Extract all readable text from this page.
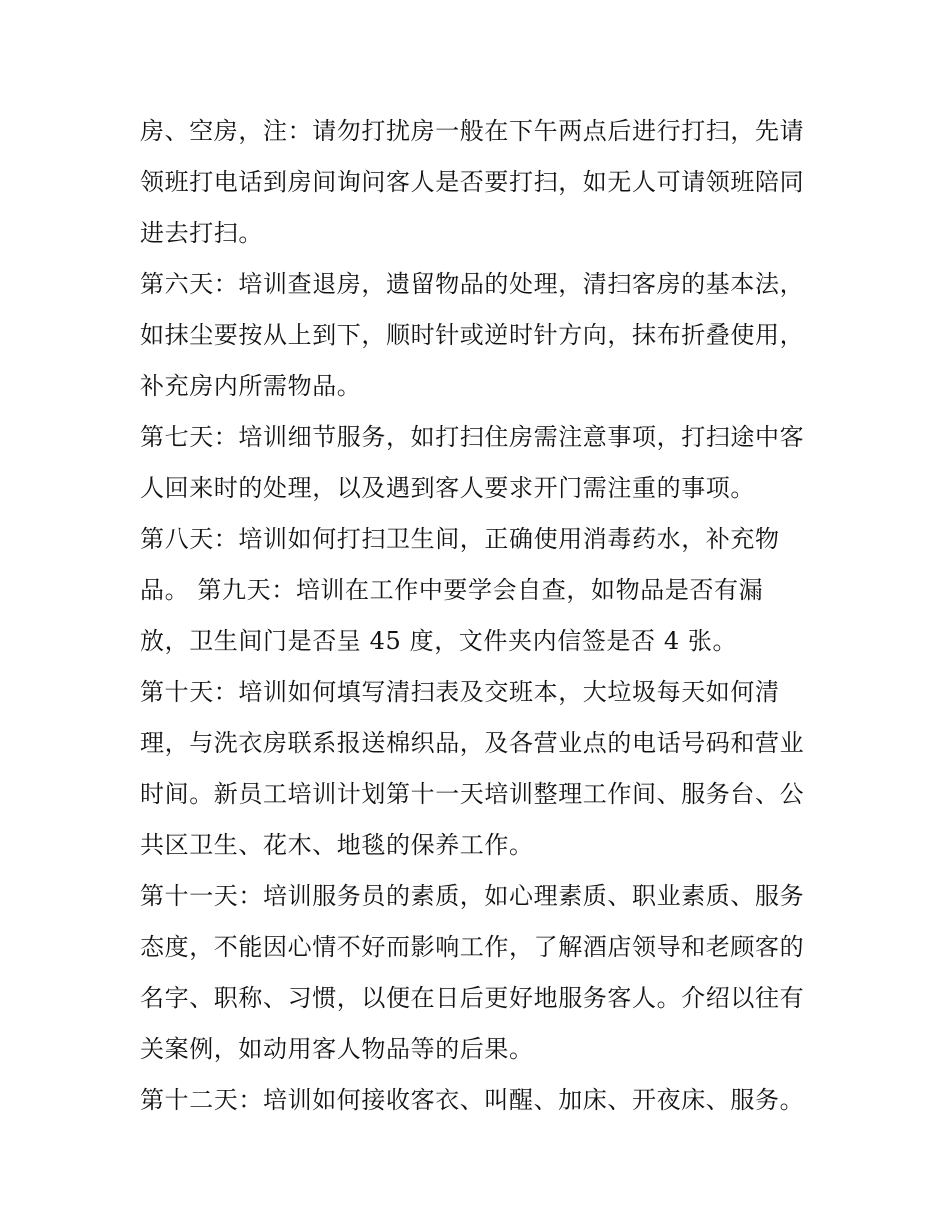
房、空房，注：请勿打扰房一般在下午两点后进行打扫，先请
领班打电话到房间询问客人是否要打扫，如无人可请领班陪同
进去打扫。
第六天：培训查退房，遗留物品的处理，清扫客房的基本法，
如抹尘要按从上到下，顺时针或逆时针方向，抹布折叠使用，
补充房内所需物品。
第七天：培训细节服务，如打扫住房需注意事项，打扫途中客
人回来时的处理，以及遇到客人要求开门需注重的事项。
第八天：培训如何打扫卫生间，正确使用消毒药水，补充物
品。 第九天：培训在工作中要学会自查，如物品是否有漏
放，卫生间门是否呈 45 度，文件夹内信签是否 4 张。
第十天：培训如何填写清扫表及交班本，大垃圾每天如何清
理，与洗衣房联系报送棉织品，及各营业点的电话号码和营业
时间。新员工培训计划第十一天培训整理工作间、服务台、公
共区卫生、花木、地毯的保养工作。
第十一天：培训服务员的素质，如心理素质、职业素质、服务
态度，不能因心情不好而影响工作，了解酒店领导和老顾客的
名字、职称、习惯，以便在日后更好地服务客人。介绍以往有
关案例，如动用客人物品等的后果。
第十二天：培训如何接收客衣、叫醒、加床、开夜床、服务。
